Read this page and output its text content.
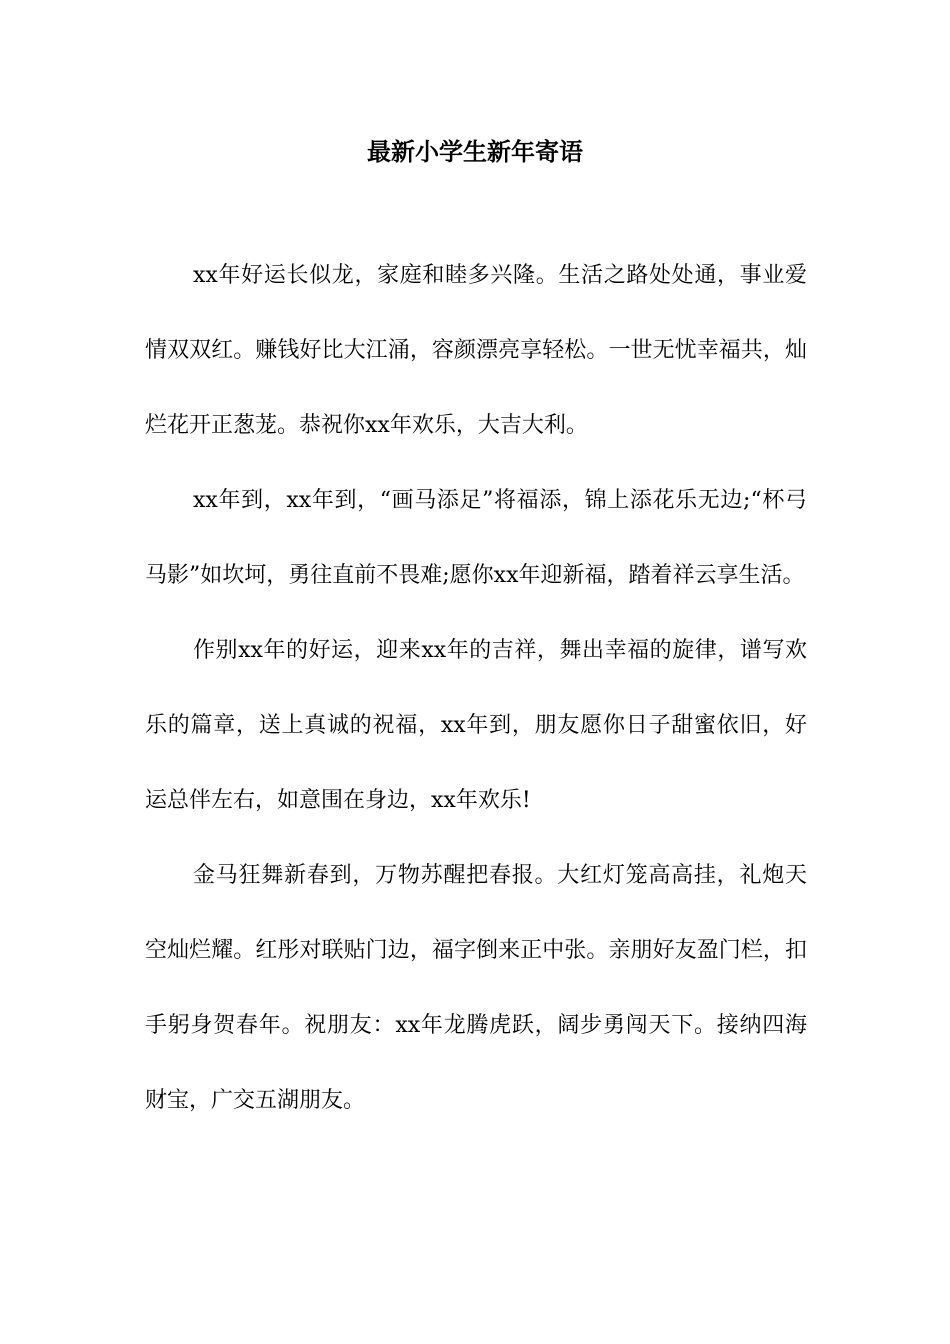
最新小学生新年寄语

xx年好运长似龙，家庭和睦多兴隆。生活之路处处通，事业爱情双双红。赚钱好比大江涌，容颜漂亮享轻松。一世无忧幸福共，灿烂花开正葱茏。恭祝你xx年欢乐，大吉大利。

xx年到，xx年到，“画马添足”将福添，锦上添花乐无边;“杯弓马影”如坎坷，勇往直前不畏难;愿你xx年迎新福，踏着祥云享生活。

作别xx年的好运，迎来xx年的吉祥，舞出幸福的旋律，谱写欢乐的篇章，送上真诚的祝福，xx年到，朋友愿你日子甜蜜依旧，好运总伴左右，如意围在身边，xx年欢乐!

金马狂舞新春到，万物苏醒把春报。大红灯笼高高挂，礼炮天空灿烂耀。红彤对联贴门边，福字倒来正中张。亲朋好友盈门栏，扣手躬身贺春年。祝朋友：xx年龙腾虎跃，阔步勇闯天下。接纳四海财宝，广交五湖朋友。
